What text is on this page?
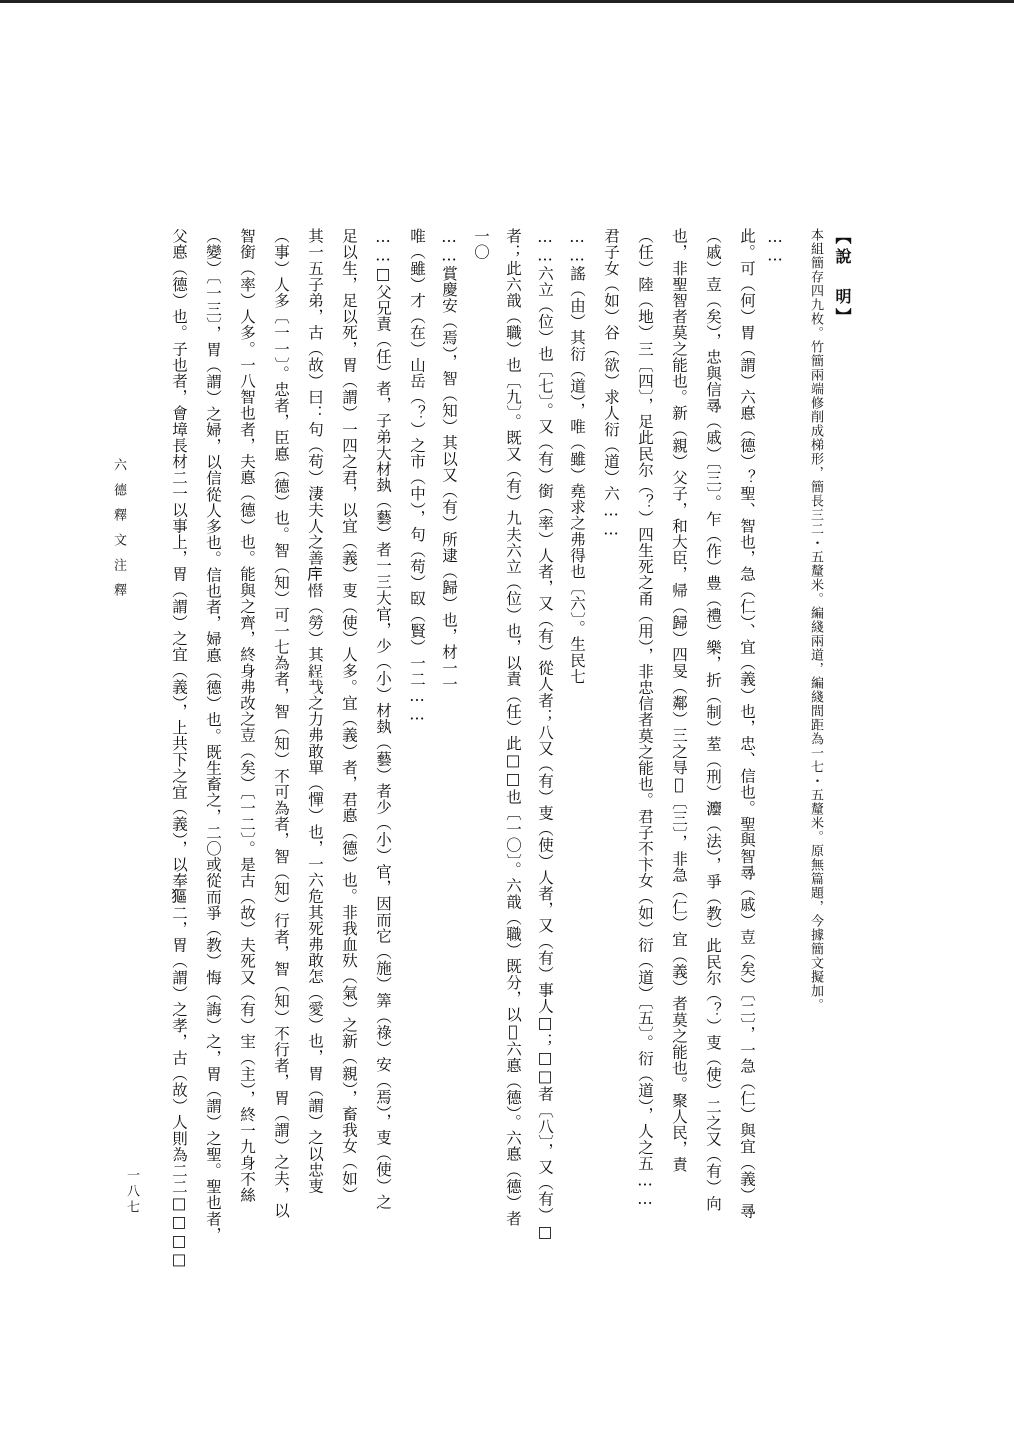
【說　明】
本組簡存四九枚。竹簡兩端修削成梯形，簡長三二・五釐米。編綫兩道，編綫間距為一七・五釐米。原無篇題，今據簡文擬加。
……
此。可（何）胃（謂）六悳（德）？聖、智也，急（仁）、宜（義）也，忠、信也。聖與智㝷（戚）壴（矣）〔二〕，一急（仁）與宜（義）㝷
（戚）壴（矣），忠與信㝷（戚）〔三〕。乍（作）豊（禮）樂，折（制）荎（刑）灋（法），爭（教）此民尔（？）叓（使）二之又（有）向
也，非聖智者莫之能也。新（親）父子，和大臣，帰（歸）四旻（鄰）三之㝵𡧊〔三〕，非急（仁）宜（義）者莫之能也。聚人民，責
（任）陸（地）三〔四〕，足此民尔（？）四生死之甬（用），非忠信者莫之能也。君子不卞女（如）衍（道）〔五〕。衍（道），人之五……
君子女（如）谷（欲）求人衍（道）六……
……謠（由）其衍（道），唯（雖）堯求之弗得也〔六〕。生民七
……六立（位）也〔七〕。又（有）銜（率）人者，又（有）從人者；八又（有）叓（使）人者，又（有）事人□；□□者〔八〕，又（有）□
者；此六戠（職）也〔九〕。既又（有）九夫六立（位）也，以責（任）此□□也〔一〇〕。六戠（職）既分，以𡒦六悳（德）。六悳（德）者
一〇
……賞慶安（焉），智（知）其以又（有）所逮（歸）也，材一一
唯（雖）才（在）山岳（？）之市（中），句（苟）臤（賢）一二……
……□父兄責（任）者，子弟大材埶（藝）者一三大官，少（小）材埶（藝）者少（小）官，因而它（施）筭（祿）安（焉），叓（使）之
足以生，足以死，胃（謂）一四之君，以宜（義）叓（使）人多。宜（義）者，君悳（德）也。非我血𣧂（氣）之新（親），畜我女（如）
其一五子弟，古（故）曰：句（苟）淒夫人之善𢇛𢡄（勞）其𦀚𢦏之力弗敢單（憚）也，一六危其死弗敢怎（愛）也，胃（謂）之以忠叓
（事）人多〔一一〕。忠者，臣悳（德）也。智（知）可一七為者，智（知）不可為者，智（知）行者，智（知）不行者，胃（謂）之夫，以
智銜（率）人多。一八智也者，夫悳（德）也。能與之齊，終身弗改之壴（矣）〔一二〕。是古（故）夫死又（有）宔（主），終一九身不絲
（變）〔一三〕，胃（謂）之婦，以信從人多也。信也者，婦悳（德）也。既生畜之，二〇或從而爭（教）悔（誨）之，胃（謂）之聖。聖也者，
父悳（德）也。子也者，會墇長材二一以事上，胃（謂）之宜（義），上共下之宜（義），以奉𤠾二，胃（謂）之孝，古（故）人則為二二□□□□
六德釋文注釋
一八七
